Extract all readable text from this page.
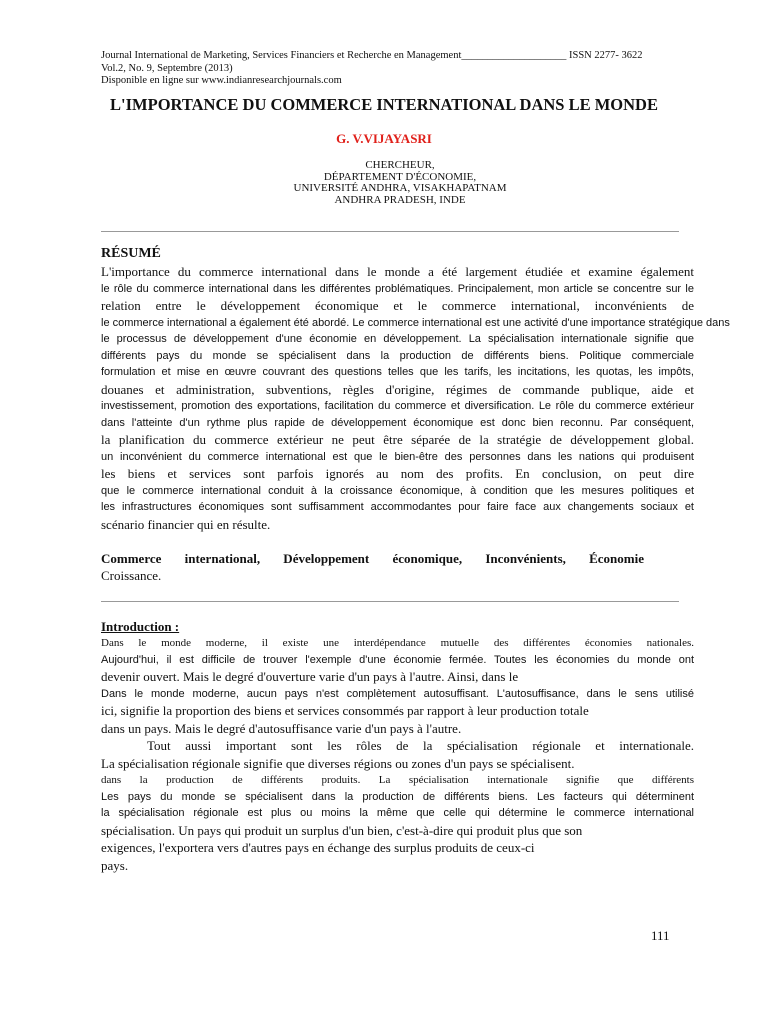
Journal International de Marketing, Services Financiers et Recherche en Management____________________ ISSN 2277- 3622
Vol.2, No. 9, Septembre (2013)
Disponible en ligne sur www.indianresearchjournals.com
L'IMPORTANCE DU COMMERCE INTERNATIONAL DANS LE MONDE
G. V.VIJAYASRI
CHERCHEUR,
DÉPARTEMENT D'ÉCONOMIE,
UNIVERSITÉ ANDHRA, VISAKHAPATNAM
ANDHRA PRADESH, INDE
RÉSUMÉ
L'importance du commerce international dans le monde a été largement étudiée et examine également
le rôle du commerce international dans les différentes problématiques. Principalement, mon article se concentre sur le
relation entre le développement économique et le commerce international, inconvénients de
le commerce international a également été abordé. Le commerce international est une activité d'une importance stratégique dans
le processus de développement d'une économie en développement. La spécialisation internationale signifie que
différents pays du monde se spécialisent dans la production de différents biens. Politique commerciale
formulation et mise en œuvre couvrant des questions telles que les tarifs, les incitations, les quotas, les impôts,
douanes et administration, subventions, règles d'origine, régimes de commande publique, aide et
investissement, promotion des exportations, facilitation du commerce et diversification. Le rôle du commerce extérieur
dans l'atteinte d'un rythme plus rapide de développement économique est donc bien reconnu. Par conséquent,
la planification du commerce extérieur ne peut être séparée de la stratégie de développement global.
un inconvénient du commerce international est que le bien-être des personnes dans les nations qui produisent
les biens et services sont parfois ignorés au nom des profits. En conclusion, on peut dire
que le commerce international conduit à la croissance économique, à condition que les mesures politiques et
les infrastructures économiques sont suffisamment accommodantes pour faire face aux changements sociaux et
scénario financier qui en résulte.
Commerce international, Développement économique, Inconvénients, Économie
Croissance.
Introduction :
Dans le monde moderne, il existe une interdépendance mutuelle des différentes économies nationales.
Aujourd'hui, il est difficile de trouver l'exemple d'une économie fermée. Toutes les économies du monde ont
devenir ouvert. Mais le degré d'ouverture varie d'un pays à l'autre. Ainsi, dans le
Dans le monde moderne, aucun pays n'est complètement autosuffisant. L'autosuffisance, dans le sens utilisé
ici, signifie la proportion des biens et services consommés par rapport à leur production totale
dans un pays. Mais le degré d'autosuffisance varie d'un pays à l'autre.
Tout aussi important sont les rôles de la spécialisation régionale et internationale.
La spécialisation régionale signifie que diverses régions ou zones d'un pays se spécialisent.
dans la production de différents produits. La spécialisation internationale signifie que différents
Les pays du monde se spécialisent dans la production de différents biens. Les facteurs qui déterminent
la spécialisation régionale est plus ou moins la même que celle qui détermine le commerce international
spécialisation. Un pays qui produit un surplus d'un bien, c'est-à-dire qui produit plus que son
exigences, l'exportera vers d'autres pays en échange des surplus produits de ceux-ci
pays.
111
